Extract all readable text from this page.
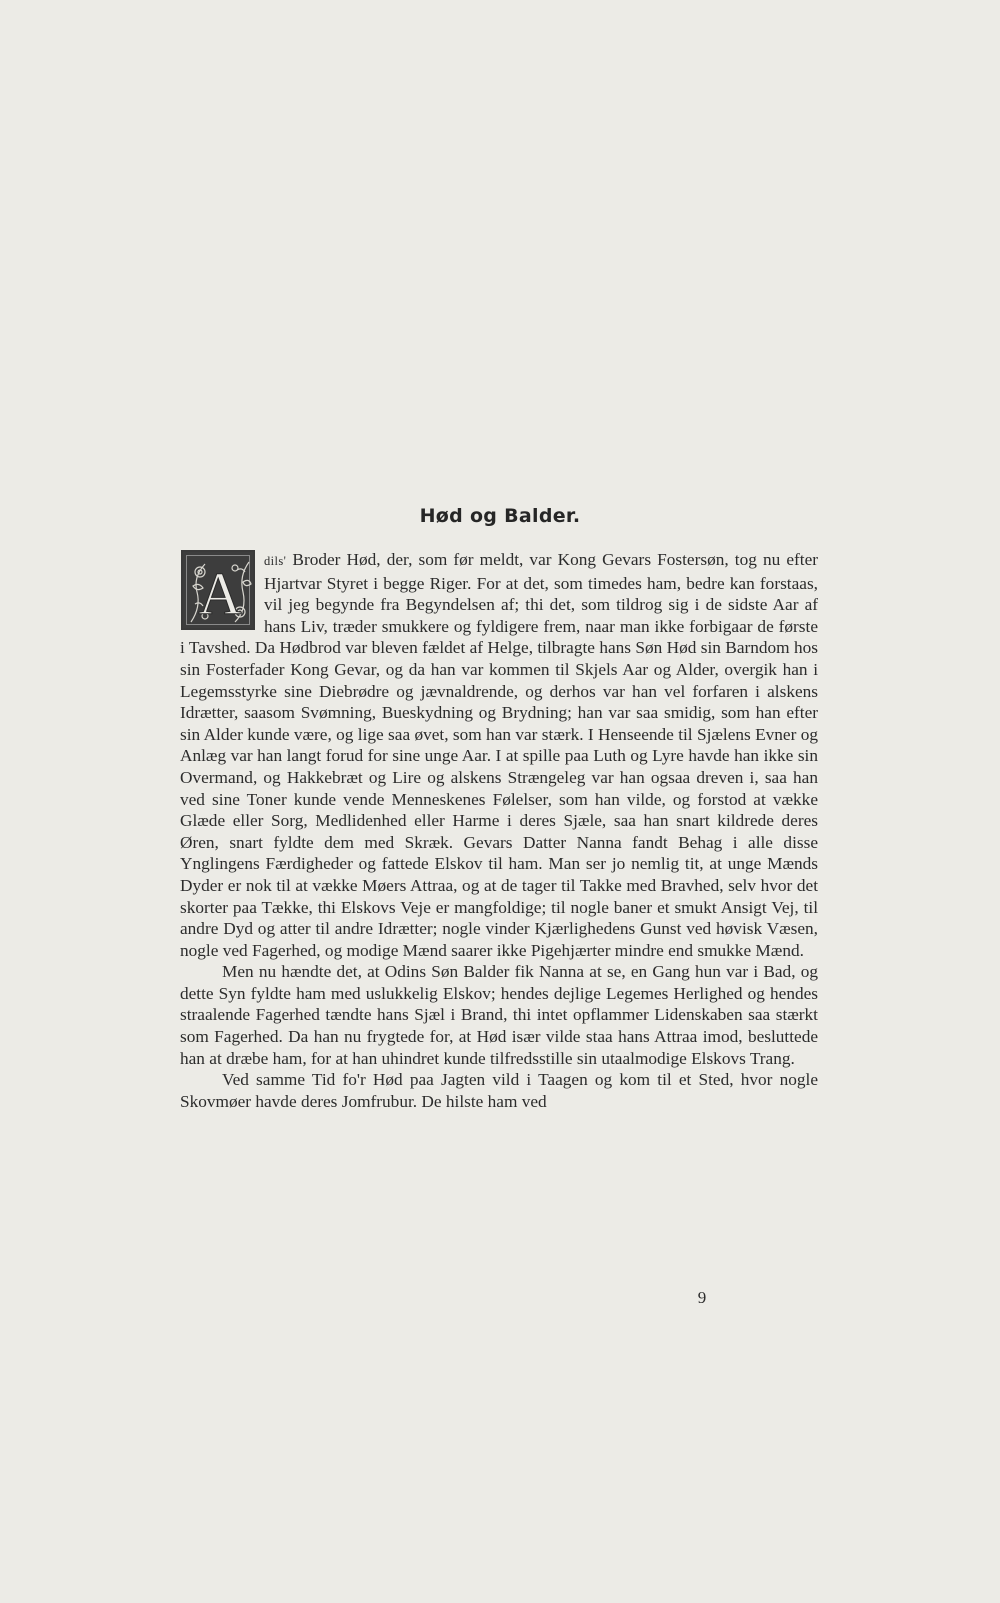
Hød og Balder.
A	dils' Broder Hød, der, som før meldt, var Kong Gevars Fostersøn, tog nu efter Hjartvar Styret i begge Riger. For at det, som timedes ham, bedre kan forstaas, vil jeg begynde fra Begyndelsen af; thi det, som tildrog sig i de sidste Aar af hans Liv, træder smukkere og fyldigere frem, naar man ikke forbigaar de første i Tavshed. Da Hødbrod var bleven fældet af Helge, tilbragte hans Søn Hød sin Barndom hos sin Fosterfader Kong Gevar, og da han var kommen til Skjels Aar og Alder, overgik han i Legemsstyrke sine Diebrødre og jævnaldrende, og derhos var han vel forfaren i alskens Idrætter, saasom Svømning, Bueskydning og Brydning; han var saa smidig, som han efter sin Alder kunde være, og lige saa øvet, som han var stærk. I Henseende til Sjælens Evner og Anlæg var han langt forud for sine unge Aar. I at spille paa Luth og Lyre havde han ikke sin Overmand, og Hakkebræt og Lire og alskens Strængeleg var han ogsaa dreven i, saa han ved sine Toner kunde vende Menneskenes Følelser, som han vilde, og forstod at vække Glæde eller Sorg, Medlidenhed eller Harme i deres Sjæle, saa han snart kildrede deres Øren, snart fyldte dem med Skræk. Gevars Datter Nanna fandt Behag i alle disse Ynglingens Færdigheder og fattede Elskov til ham. Man ser jo nemlig tit, at unge Mænds Dyder er nok til at vække Møers Attraa, og at de tager til Takke med Bravhed, selv hvor det skorter paa Tække, thi Elskovs Veje er mangfoldige; til nogle baner et smukt Ansigt Vej, til andre Dyd og atter til andre Idrætter; nogle vinder Kjærlighedens Gunst ved høvisk Væsen, nogle ved Fagerhed, og modige Mænd saarer ikke Pigehjærter mindre end smukke Mænd.

Men nu hændte det, at Odins Søn Balder fik Nanna at se, en Gang hun var i Bad, og dette Syn fyldte ham med uslukkelig Elskov; hendes dejlige Legemes Herlighed og hendes straalende Fagerhed tændte hans Sjæl i Brand, thi intet opflammer Lidenskaben saa stærkt som Fagerhed. Da han nu frygtede for, at Hød især vilde staa hans Attraa imod, besluttede han at dræbe ham, for at han uhindret kunde tilfredsstille sin utaalmodige Elskovs Trang.

Ved samme Tid fo'r Hød paa Jagten vild i Taagen og kom til et Sted, hvor nogle Skovmøer havde deres Jomfrubur. De hilste ham ved

9
